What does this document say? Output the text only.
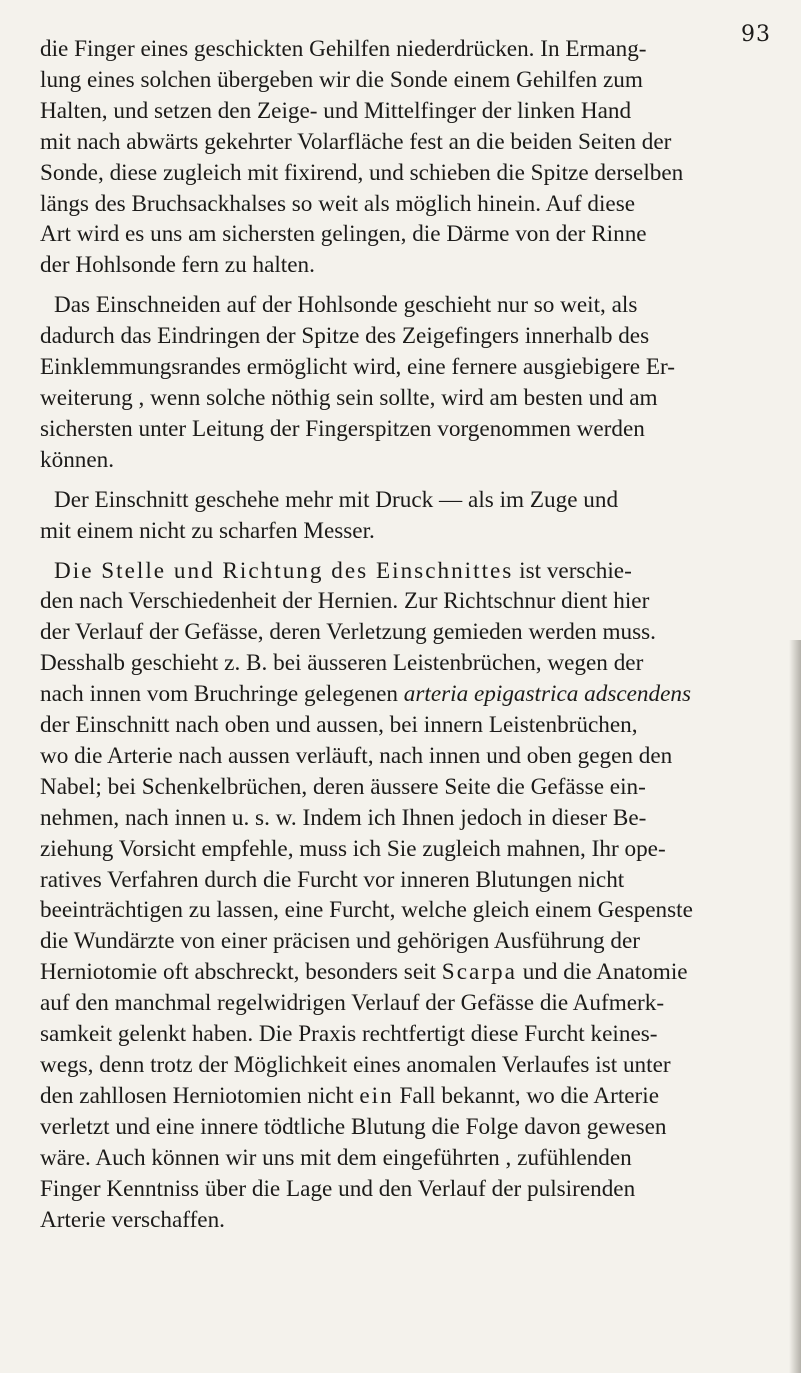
93
die Finger eines geschickten Gehilfen niederdrücken. In Ermang-
lung eines solchen übergeben wir die Sonde einem Gehilfen zum
Halten, und setzen den Zeige- und Mittelfinger der linken Hand
mit nach abwärts gekehrter Volarfläche fest an die beiden Seiten der
Sonde, diese zugleich mit fixirend, und schieben die Spitze derselben
längs des Bruchsackhalses so weit als möglich hinein. Auf diese
Art wird es uns am sichersten gelingen, die Därme von der Rinne
der Hohlsonde fern zu halten.
Das Einschneiden auf der Hohlsonde geschieht nur so weit, als
dadurch das Eindringen der Spitze des Zeigefingers innerhalb des
Einklemmungsrandes ermöglicht wird, eine fernere ausgiebigere Er-
weiterung , wenn solche nöthig sein sollte, wird am besten und am
sichersten unter Leitung der Fingerspitzen vorgenommen werden
können.
Der Einschnitt geschehe mehr mit Druck — als im Zuge und
mit einem nicht zu scharfen Messer.
Die Stelle und Richtung des Einschnittes ist verschie-
den nach Verschiedenheit der Hernien. Zur Richtschnur dient hier
der Verlauf der Gefässe, deren Verletzung gemieden werden muss.
Desshalb geschieht z. B. bei äusseren Leistenbrüchen, wegen der
nach innen vom Bruchringe gelegenen arteria epigastrica adscendens
der Einschnitt nach oben und aussen, bei innern Leistenbrüchen,
wo die Arterie nach aussen verläuft, nach innen und oben gegen den
Nabel; bei Schenkelbrüchen, deren äussere Seite die Gefässe ein-
nehmen, nach innen u. s. w. Indem ich Ihnen jedoch in dieser Be-
ziehung Vorsicht empfehle, muss ich Sie zugleich mahnen, Ihr ope-
ratives Verfahren durch die Furcht vor inneren Blutungen nicht
beeinträchtigen zu lassen, eine Furcht, welche gleich einem Gespenste
die Wundärzte von einer präcisen und gehörigen Ausführung der
Herniotomie oft abschreckt, besonders seit Scarpa und die Anatomie
auf den manchmal regelwidrigen Verlauf der Gefässe die Aufmerk-
samkeit gelenkt haben. Die Praxis rechtfertigt diese Furcht keines-
wegs, denn trotz der Möglichkeit eines anomalen Verlaufes ist unter
den zahllosen Herniotomien nicht ein Fall bekannt, wo die Arterie
verletzt und eine innere tödtliche Blutung die Folge davon gewesen
wäre. Auch können wir uns mit dem eingeführten , zufühlenden
Finger Kenntniss über die Lage und den Verlauf der pulsirenden
Arterie verschaffen.
